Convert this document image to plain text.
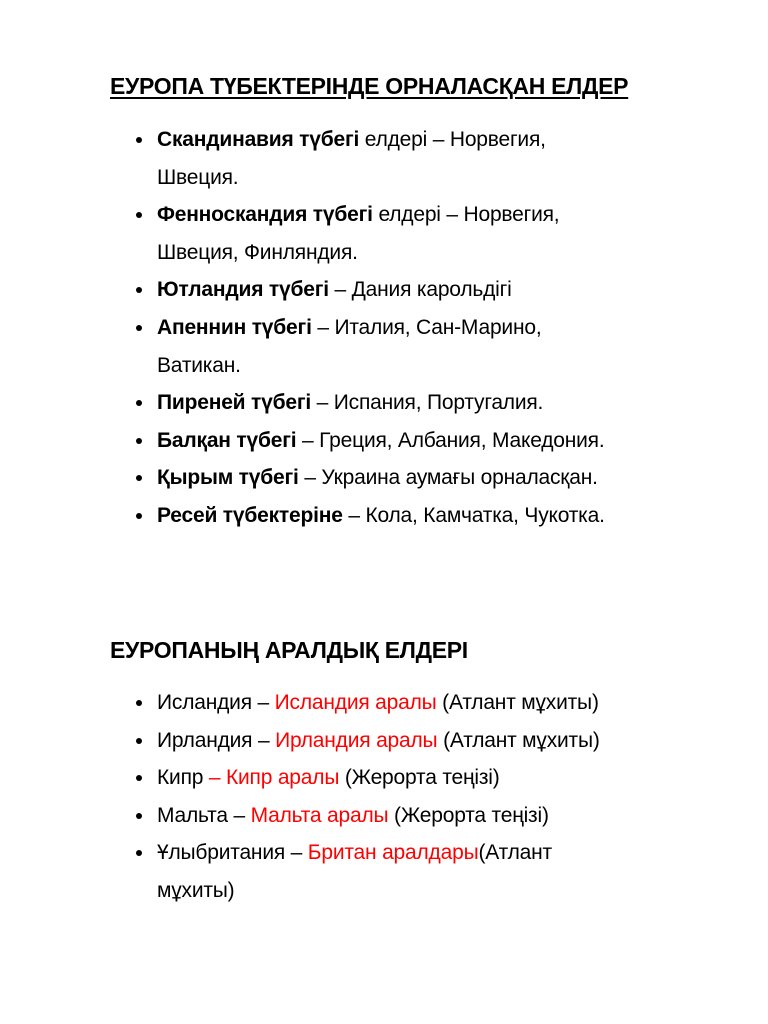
ЕУРОПА ТҮБЕКТЕРІНДЕ ОРНАЛАСҚАН ЕЛДЕР
Скандинавия түбегі елдері – Норвегия,
Швеция.
Фенноскандия түбегі елдері – Норвегия,
Швеция, Финляндия.
Ютландия түбегі – Дания карольдігі
Апеннин түбегі – Италия, Сан-Марино,
Ватикан.
Пиреней түбегі – Испания, Португалия.
Балқан түбегі – Греция, Албания, Македония.
Қырым түбегі – Украина аумағы орналасқан.
Ресей түбектеріне – Кола, Камчатка, Чукотка.
ЕУРОПАНЫҢ АРАЛДЫҚ ЕЛДЕРІ
Исландия – Исландия аралы (Атлант мұхиты)
Ирландия – Ирландия аралы (Атлант мұхиты)
Кипр – Кипр аралы (Жерорта теңізі)
Мальта – Мальта аралы (Жерорта теңізі)
Ұлыбритания – Британ аралдары(Атлант
мұхиты)
